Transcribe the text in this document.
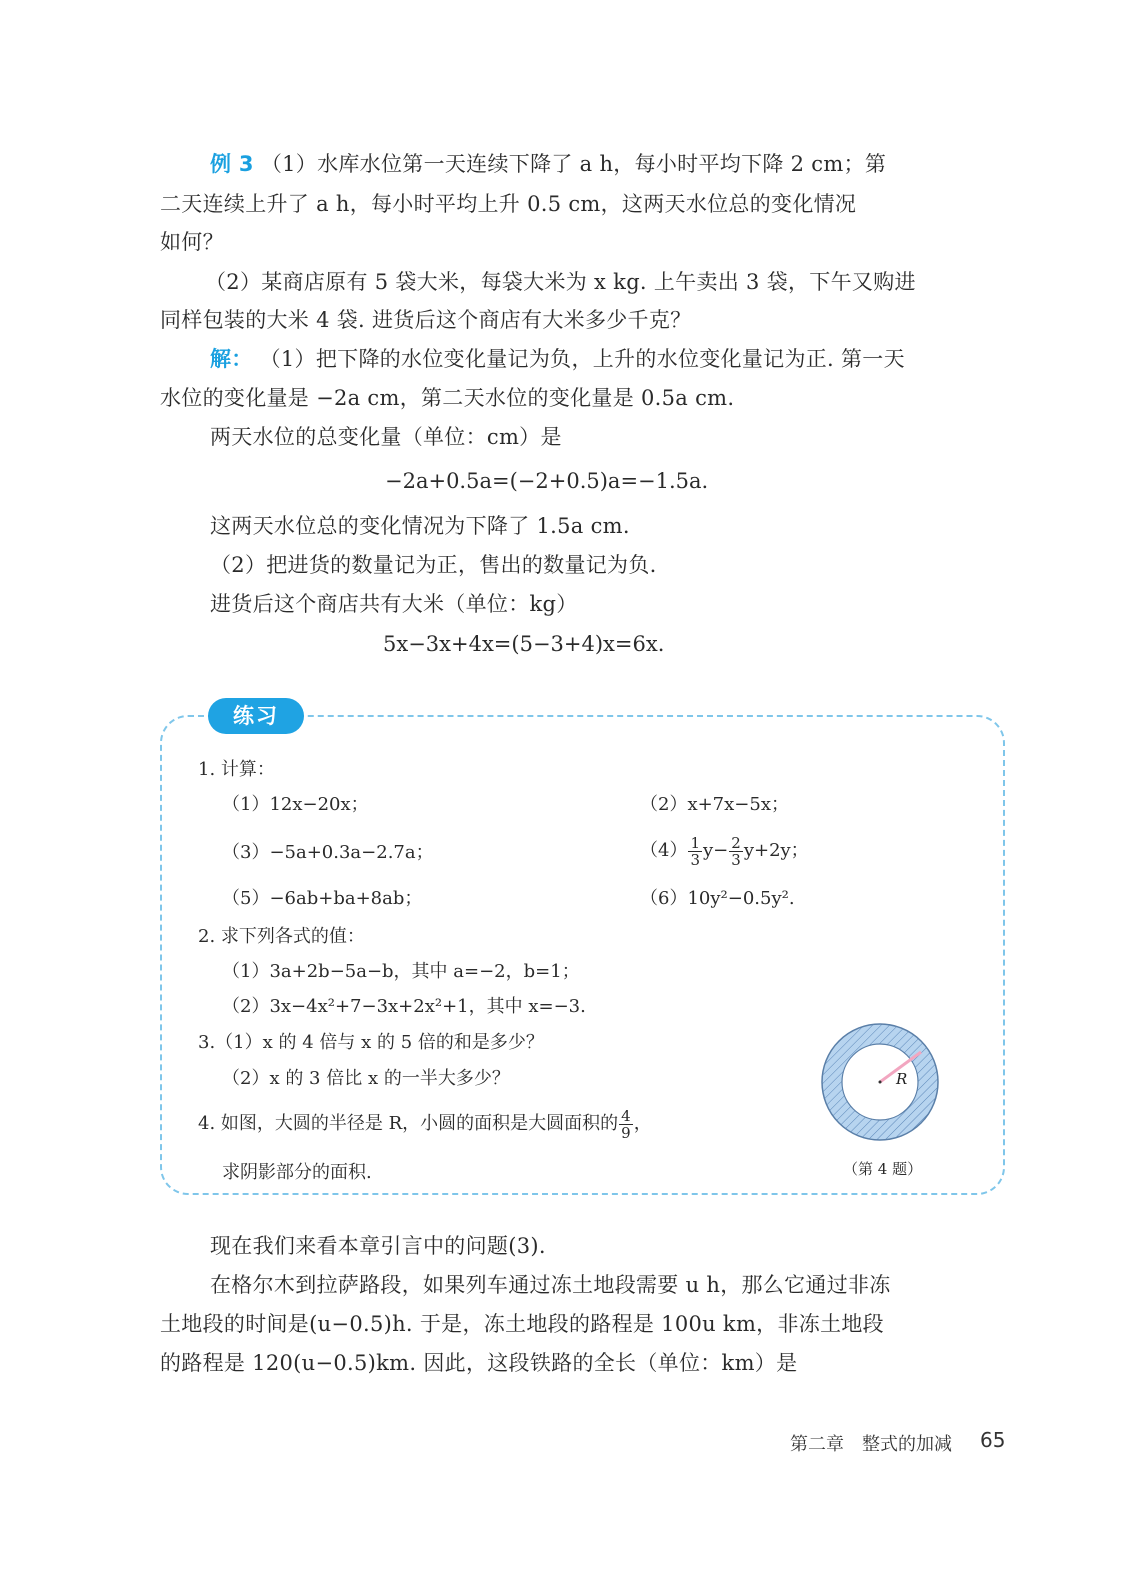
例 3 （1）水库水位第一天连续下降了 a h，每小时平均下降 2 cm；第
二天连续上升了 a h，每小时平均上升 0.5 cm，这两天水位总的变化情况
如何？
（2）某商店原有 5 袋大米，每袋大米为 x kg. 上午卖出 3 袋，下午又购进
同样包装的大米 4 袋. 进货后这个商店有大米多少千克？
解： （1）把下降的水位变化量记为负，上升的水位变化量记为正. 第一天
水位的变化量是 −2a cm，第二天水位的变化量是 0.5a cm.
两天水位的总变化量（单位：cm）是
−2a+0.5a=(−2+0.5)a=−1.5a.
这两天水位总的变化情况为下降了 1.5a cm.
（2）把进货的数量记为正，售出的数量记为负.
进货后这个商店共有大米（单位：kg）
5x−3x+4x=(5−3+4)x=6x.
练习
1. 计算：
（1）12x−20x；	（2）x+7x−5x；
（3）−5a+0.3a−2.7a；	$(4) \frac{1}{3} y- \frac{2}{3} y+2y$；
（5）−6ab+ba+8ab；	（6）10y²−0.5y².
2. 求下列各式的值：
（1）3a+2b−5a−b，其中 a=−2，b=1；
（2）3x−4x²+7−3x+2x²+1，其中 x=−3.
3.（1）x 的 4 倍与 x 的 5 倍的和是多少？
（2）x 的 3 倍比 x 的一半大多少？
4. 如图，大圆的半径是 R，小圆的面积是大圆面积的 $\frac{4}{9}$ ，
求阴影部分的面积.
R
（第 4 题）
现在我们来看本章引言中的问题(3).
在格尔木到拉萨路段，如果列车通过冻土地段需要 u h，那么它通过非冻
土地段的时间是(u−0.5)h. 于是，冻土地段的路程是 100u km，非冻土地段
的路程是 120(u−0.5)km. 因此，这段铁路的全长（单位：km）是
第二章　整式的加减 65
